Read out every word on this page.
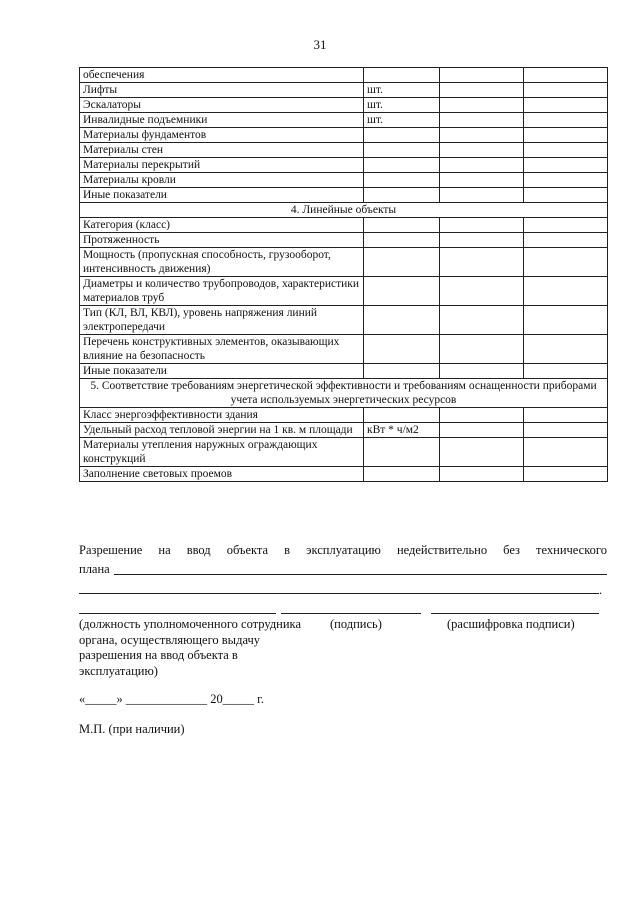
31
обеспечения			
Лифты	шт.		
Эскалаторы	шт.		
Инвалидные подъемники	шт.		
Материалы фундаментов			
Материалы стен			
Материалы перекрытий			
Материалы кровли			
Иные показатели			
4. Линейные объекты			
Категория (класс)			
Протяженность			
Мощность (пропускная способность, грузооборот, интенсивность движения)			
Диаметры и количество трубопроводов, характеристики материалов труб			
Тип (КЛ, ВЛ, КВЛ), уровень напряжения линий электропередачи			
Перечень конструктивных элементов, оказывающих влияние на безопасность			
Иные показатели			
5. Соответствие требованиям энергетической эффективности и требованиям оснащенности приборами учета используемых энергетических ресурсов			
Класс энергоэффективности здания			
Удельный расход тепловой энергии на 1 кв. м площади	кВт * ч/м2		
Материалы утепления наружных ограждающих конструкций			
Заполнение световых проемов			
Разрешение на ввод объекта в эксплуатацию недействительно без технического
плана
.
(должность уполномоченного сотрудника органа, осуществляющего выдачу разрешения на ввод объекта в эксплуатацию)
(подпись)	(расшифровка подписи)
«_____» _____________ 20_____ г.
М.П. (при наличии)
